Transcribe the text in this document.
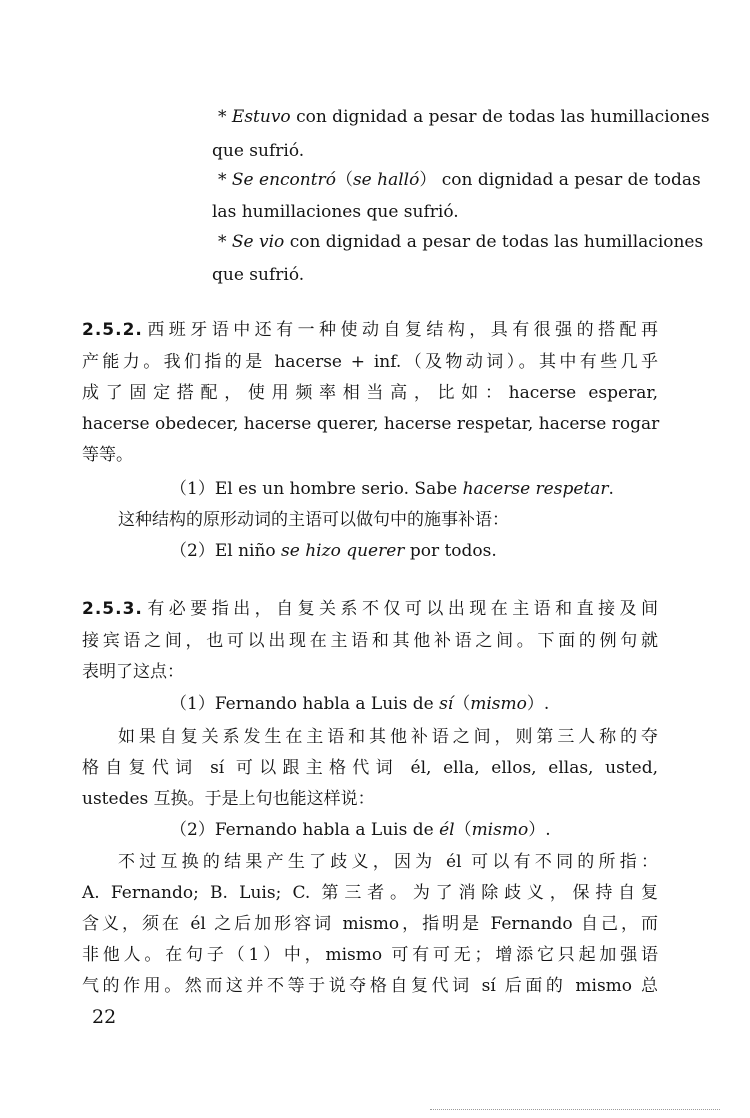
* Estuvo con dignidad a pesar de todas las humillaciones
que sufrió.
* Se encontró（se halló） con dignidad a pesar de todas
las humillaciones que sufrió.
* Se vio con dignidad a pesar de todas las humillaciones
que sufrió.
2.5.2.西班牙语中还有一种使动自复结构，具有很强的搭配再
产能力。我们指的是 hacerse + inf.（及物动词）。其中有些几乎
成了固定搭配，使用频率相当高，比如：hacerse esperar,
hacerse obedecer, hacerse querer, hacerse respetar, hacerse rogar
等等。
（1）El es un hombre serio. Sabe hacerse respetar.
这种结构的原形动词的主语可以做句中的施事补语：
（2）El niño se hizo querer por todos.
2.5.3.有必要指出，自复关系不仅可以出现在主语和直接及间
接宾语之间，也可以出现在主语和其他补语之间。下面的例句就
表明了这点：
（1）Fernando habla a Luis de sí（mismo）.
如果自复关系发生在主语和其他补语之间，则第三人称的夺
格自复代词 sí 可以跟主格代词 él, ella, ellos, ellas, usted,
ustedes 互换。于是上句也能这样说：
（2）Fernando habla a Luis de él（mismo）.
不过互换的结果产生了歧义，因为 él 可以有不同的所指：
A. Fernando; B. Luis; C. 第三者。为了消除歧义，保持自复
含义，须在 él 之后加形容词 mismo，指明是 Fernando 自己，而
非他人。在句子（1）中，mismo 可有可无；增添它只起加强语
气的作用。然而这并不等于说夺格自复代词 sí 后面的 mismo 总
22
